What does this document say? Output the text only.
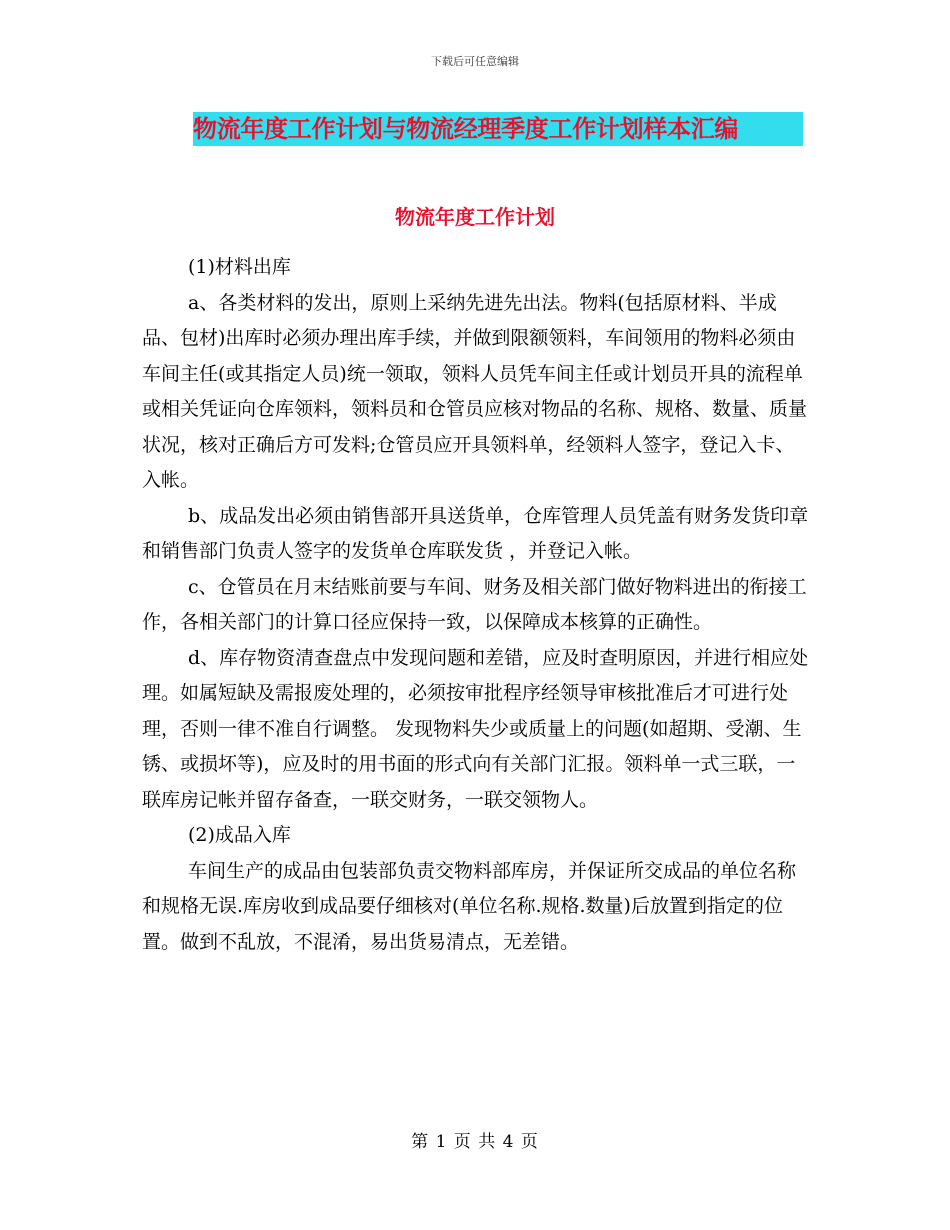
下载后可任意编辑
物流年度工作计划与物流经理季度工作计划样本汇编
物流年度工作计划

(1)材料出库

a、各类材料的发出，原则上采纳先进先出法。物料(包括原材料、半成品、包材)出库时必须办理出库手续，并做到限额领料，车间领用的物料必须由车间主任(或其指定人员)统一领取，领料人员凭车间主任或计划员开具的流程单或相关凭证向仓库领料，领料员和仓管员应核对物品的名称、规格、数量、质量状况，核对正确后方可发料;仓管员应开具领料单，经领料人签字，登记入卡、入帐。

b、成品发出必须由销售部开具送货单，仓库管理人员凭盖有财务发货印章和销售部门负责人签字的发货单仓库联发货 ，并登记入帐。

c、仓管员在月末结账前要与车间、财务及相关部门做好物料进出的衔接工作，各相关部门的计算口径应保持一致，以保障成本核算的正确性。

d、库存物资清查盘点中发现问题和差错，应及时查明原因，并进行相应处理。如属短缺及需报废处理的，必须按审批程序经领导审核批准后才可进行处理，否则一律不准自行调整。 发现物料失少或质量上的问题(如超期、受潮、生锈、或损坏等)，应及时的用书面的形式向有关部门汇报。领料单一式三联，一联库房记帐并留存备查，一联交财务，一联交领物人。

(2)成品入库

车间生产的成品由包装部负责交物料部库房，并保证所交成品的单位名称和规格无误.库房收到成品要仔细核对(单位名称.规格.数量)后放置到指定的位置。做到不乱放，不混淆，易出货易清点，无差错。

第 1 页 共 4 页
